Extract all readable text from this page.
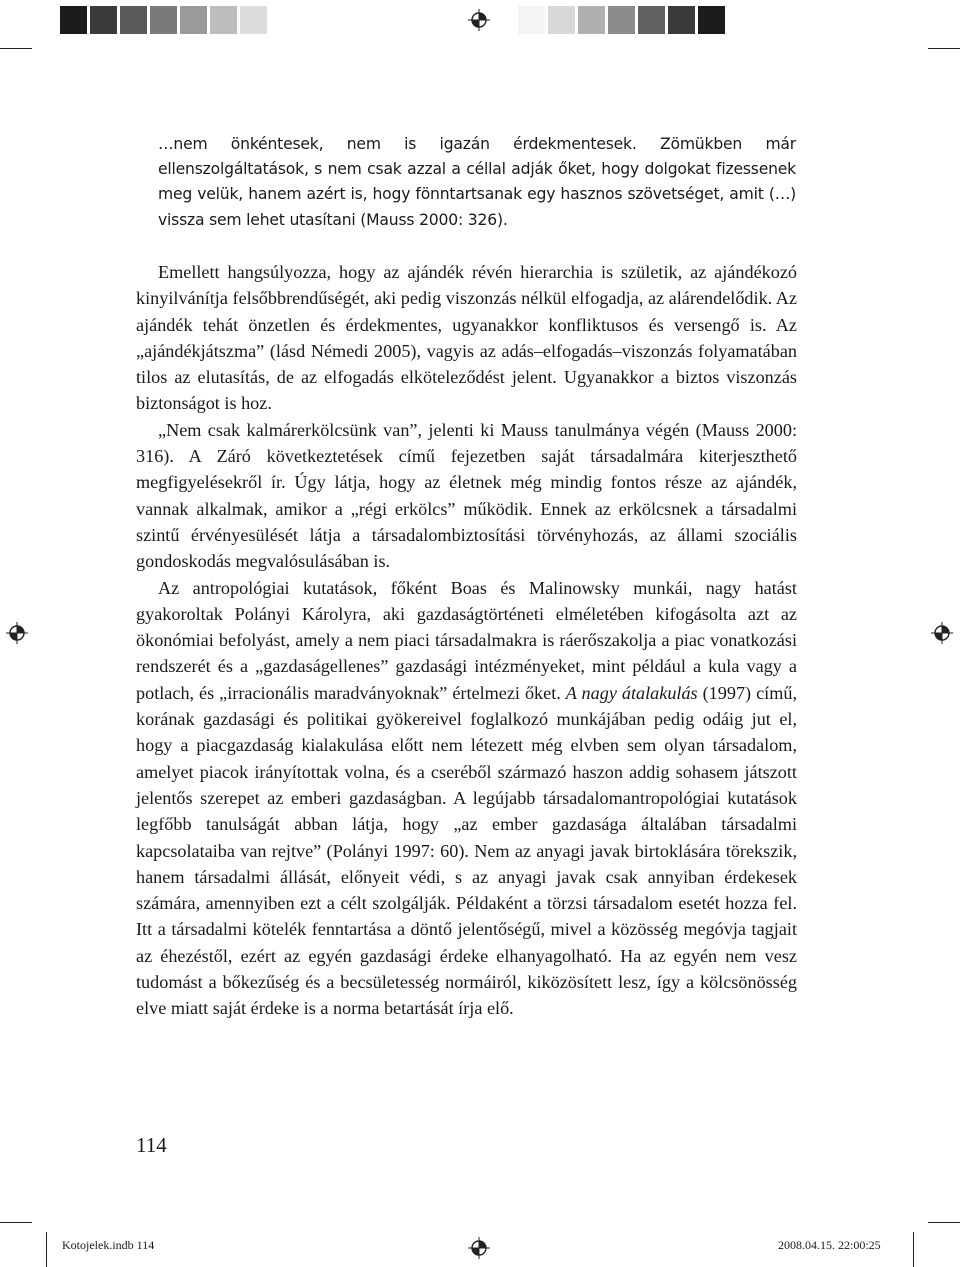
…nem önkéntesek, nem is igazán érdekmentesek. Zömükben már ellenszolgáltatások, s nem csak azzal a céllal adják őket, hogy dolgokat fizessenek meg velük, hanem azért is, hogy fönntartsanak egy hasznos szövetséget, amit (…) vissza sem lehet utasítani (Mauss 2000: 326).

Emellett hangsúlyozza, hogy az ajándék révén hierarchia is születik, az ajándékozó kinyilvánítja felsőbbrendűségét, aki pedig viszonzás nélkül elfogadja, az alárendelődik. Az ajándék tehát önzetlen és érdekmentes, ugyanakkor konfliktusos és versengő is. Az „ajándékjátszma” (lásd Némedi 2005), vagyis az adás–elfogadás–viszonzás folyamatában tilos az elutasítás, de az elfogadás elköteleződést jelent. Ugyanakkor a biztos viszonzás biztonságot is hoz.

„Nem csak kalmárerkölcsünk van”, jelenti ki Mauss tanulmánya végén (Mauss 2000: 316). A Záró következtetések című fejezetben saját társadalmára kiterjeszthető megfigyelésekről ír. Úgy látja, hogy az életnek még mindig fontos része az ajándék, vannak alkalmak, amikor a „régi erkölcs” működik. Ennek az erkölcsnek a társadalmi szintű érvényesülését látja a társadalombiztosítási törvényhozás, az állami szociális gondoskodás megvalósulásában is.

Az antropológiai kutatások, főként Boas és Malinowsky munkái, nagy hatást gyakoroltak Polányi Károlyra, aki gazdaságtörténeti elméletében kifogásolta azt az ökonómiai befolyást, amely a nem piaci társadalmakra is ráerőszakolja a piac vonatkozási rendszerét és a „gazdaságellenes” gazdasági intézményeket, mint például a kula vagy a potlach, és „irracionális maradványoknak” értelmezi őket. A nagy átalakulás (1997) című, korának gazdasági és politikai gyökereivel foglalkozó munkájában pedig odáig jut el, hogy a piacgazdaság kialakulása előtt nem létezett még elvben sem olyan társadalom, amelyet piacok irányítottak volna, és a cseréből származó haszon addig sohasem játszott jelentős szerepet az emberi gazdaságban. A legújabb társadalomantropológiai kutatások legfőbb tanulságát abban látja, hogy „az ember gazdasága általában társadalmi kapcsolataiba van rejtve” (Polányi 1997: 60). Nem az anyagi javak birtoklására törekszik, hanem társadalmi állását, előnyeit védi, s az anyagi javak csak annyiban érdekesek számára, amennyiben ezt a célt szolgálják. Példaként a törzsi társadalom esetét hozza fel. Itt a társadalmi kötelék fenntartása a döntő jelentőségű, mivel a közösség megóvja tagjait az éhezéstől, ezért az egyén gazdasági érdeke elhanyagolható. Ha az egyén nem vesz tudomást a bőkezűség és a becsületesség normáiról, kiközösített lesz, így a kölcsönösség elve miatt saját érdeke is a norma betartását írja elő.

114
Kotojelek.indb 114	2008.04.15. 22:00:25
